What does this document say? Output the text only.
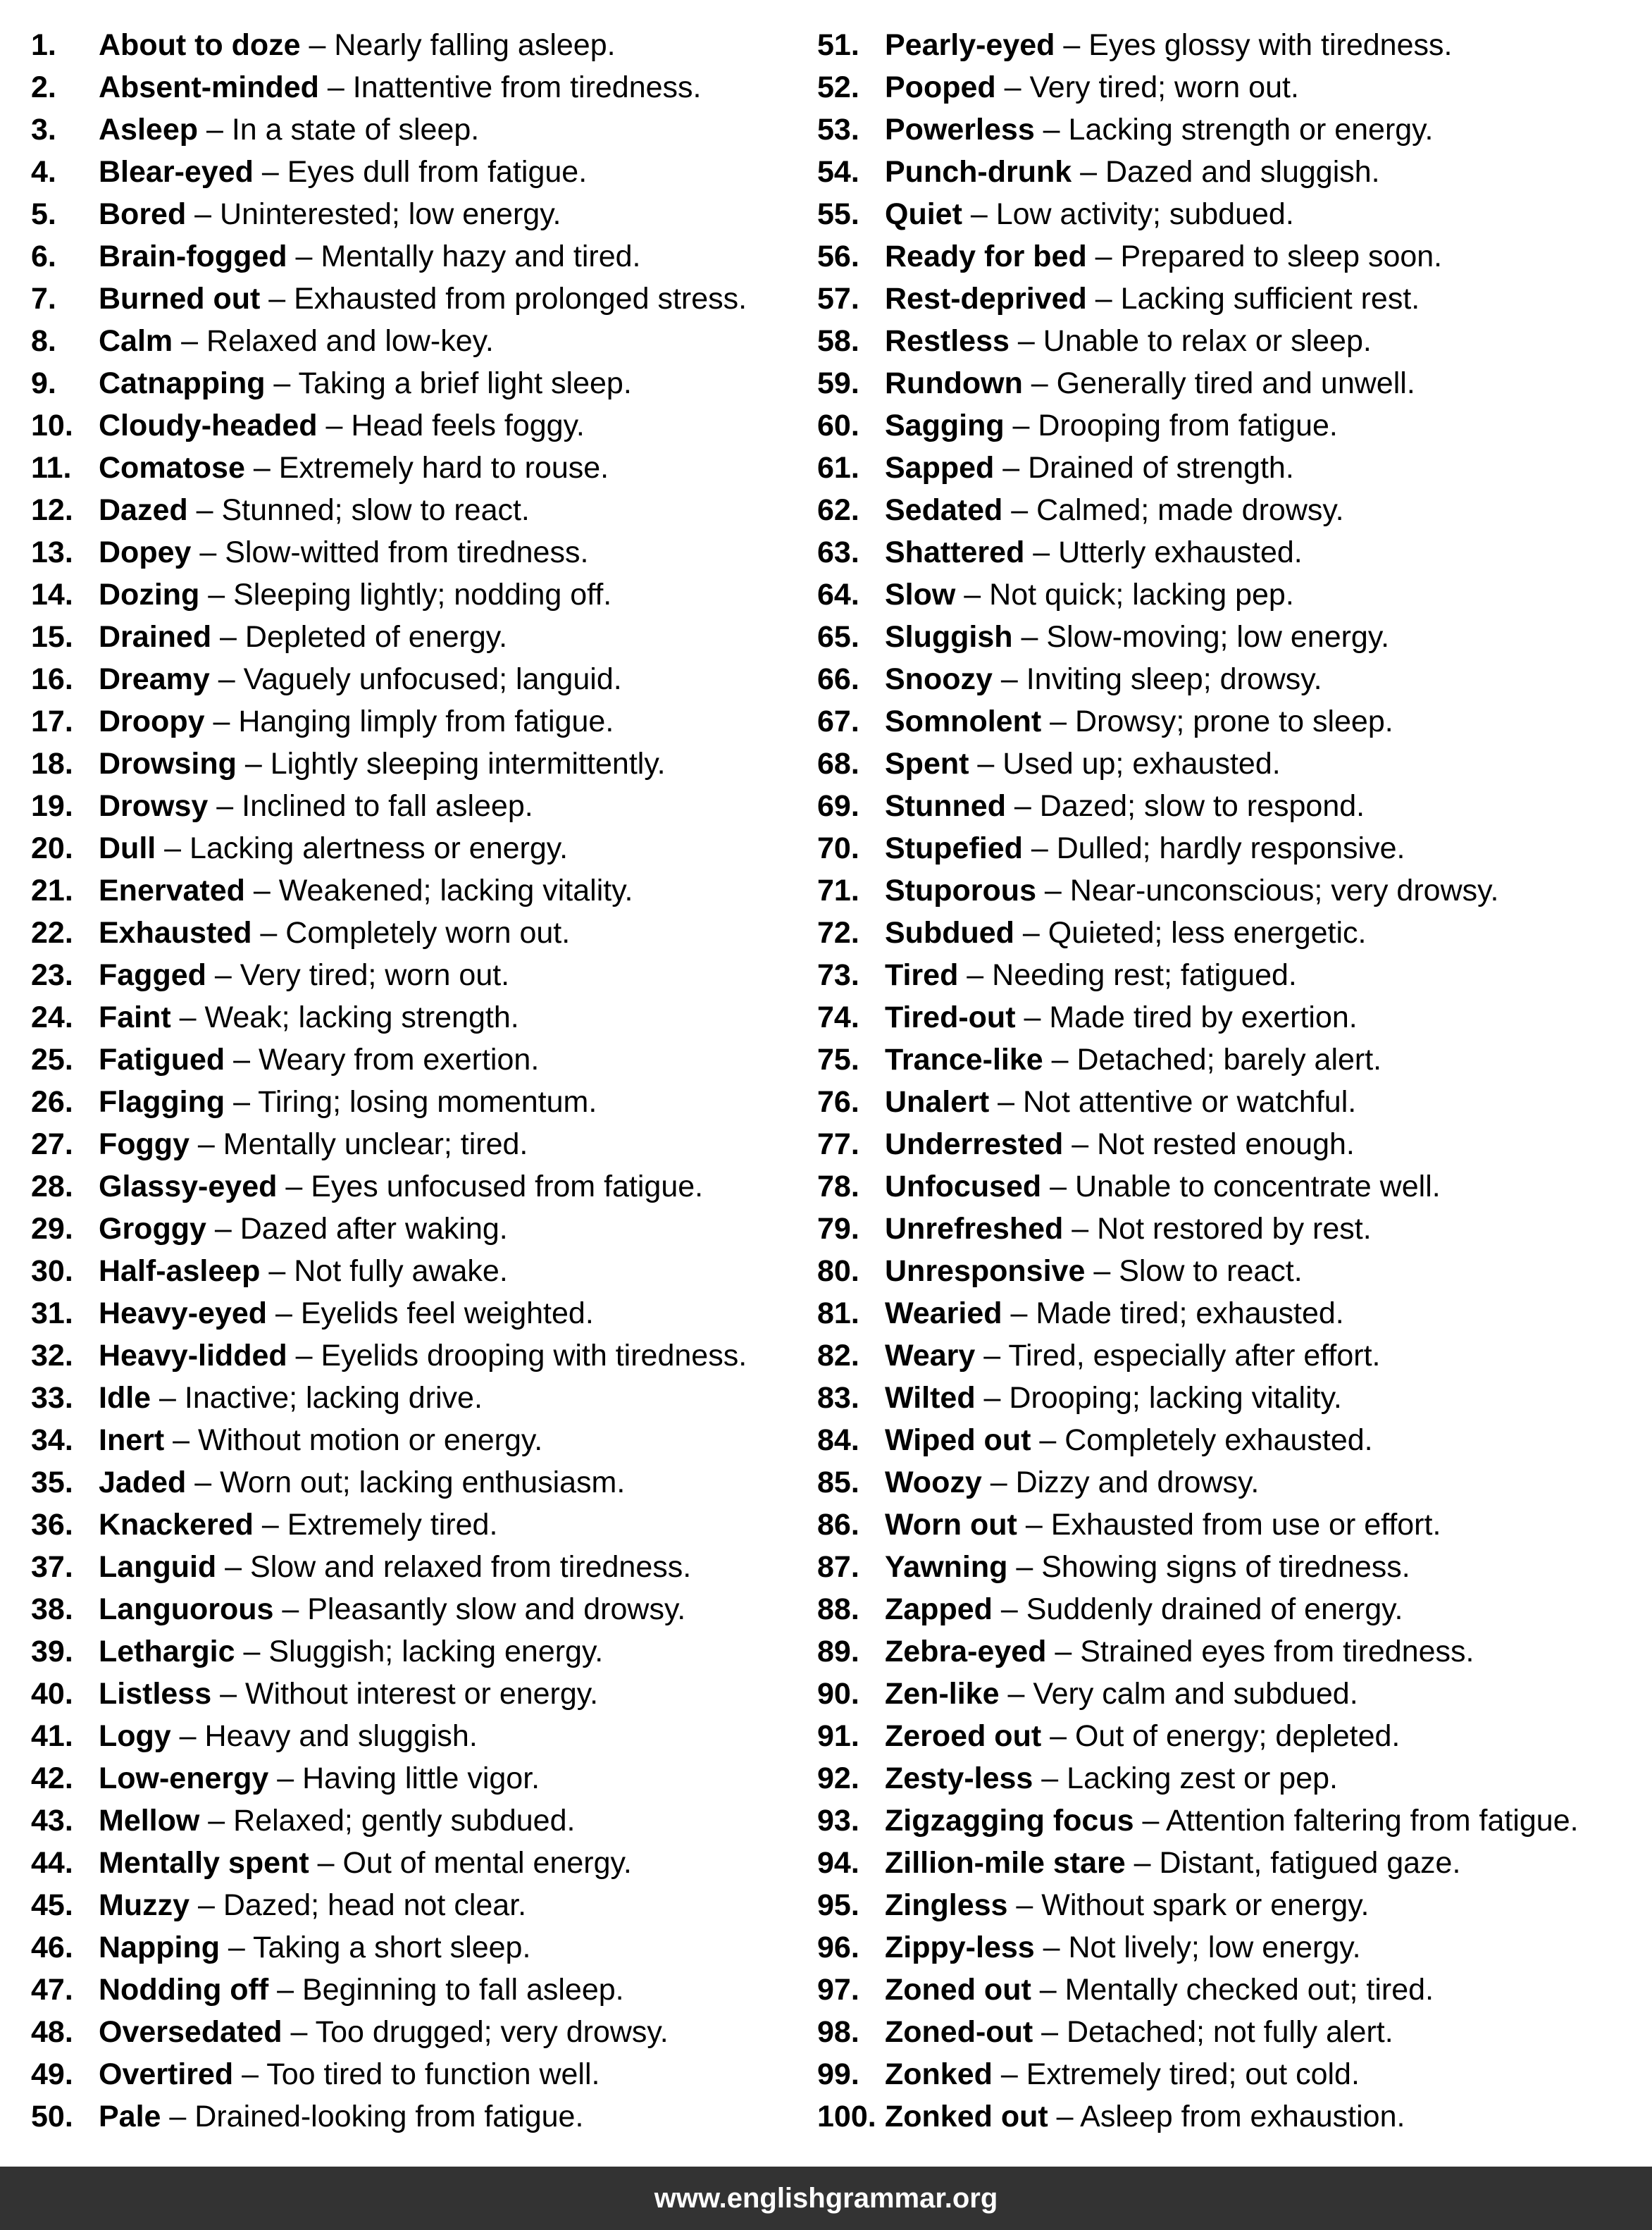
1. About to doze – Nearly falling asleep.
2. Absent-minded – Inattentive from tiredness.
3. Asleep – In a state of sleep.
4. Blear-eyed – Eyes dull from fatigue.
5. Bored – Uninterested; low energy.
6. Brain-fogged – Mentally hazy and tired.
7. Burned out – Exhausted from prolonged stress.
8. Calm – Relaxed and low-key.
9. Catnapping – Taking a brief light sleep.
10. Cloudy-headed – Head feels foggy.
11. Comatose – Extremely hard to rouse.
12. Dazed – Stunned; slow to react.
13. Dopey – Slow-witted from tiredness.
14. Dozing – Sleeping lightly; nodding off.
15. Drained – Depleted of energy.
16. Dreamy – Vaguely unfocused; languid.
17. Droopy – Hanging limply from fatigue.
18. Drowsing – Lightly sleeping intermittently.
19. Drowsy – Inclined to fall asleep.
20. Dull – Lacking alertness or energy.
21. Enervated – Weakened; lacking vitality.
22. Exhausted – Completely worn out.
23. Fagged – Very tired; worn out.
24. Faint – Weak; lacking strength.
25. Fatigued – Weary from exertion.
26. Flagging – Tiring; losing momentum.
27. Foggy – Mentally unclear; tired.
28. Glassy-eyed – Eyes unfocused from fatigue.
29. Groggy – Dazed after waking.
30. Half-asleep – Not fully awake.
31. Heavy-eyed – Eyelids feel weighted.
32. Heavy-lidded – Eyelids drooping with tiredness.
33. Idle – Inactive; lacking drive.
34. Inert – Without motion or energy.
35. Jaded – Worn out; lacking enthusiasm.
36. Knackered – Extremely tired.
37. Languid – Slow and relaxed from tiredness.
38. Languorous – Pleasantly slow and drowsy.
39. Lethargic – Sluggish; lacking energy.
40. Listless – Without interest or energy.
41. Logy – Heavy and sluggish.
42. Low-energy – Having little vigor.
43. Mellow – Relaxed; gently subdued.
44. Mentally spent – Out of mental energy.
45. Muzzy – Dazed; head not clear.
46. Napping – Taking a short sleep.
47. Nodding off – Beginning to fall asleep.
48. Oversedated – Too drugged; very drowsy.
49. Overtired – Too tired to function well.
50. Pale – Drained-looking from fatigue.
51. Pearly-eyed – Eyes glossy with tiredness.
52. Pooped – Very tired; worn out.
53. Powerless – Lacking strength or energy.
54. Punch-drunk – Dazed and sluggish.
55. Quiet – Low activity; subdued.
56. Ready for bed – Prepared to sleep soon.
57. Rest-deprived – Lacking sufficient rest.
58. Restless – Unable to relax or sleep.
59. Rundown – Generally tired and unwell.
60. Sagging – Drooping from fatigue.
61. Sapped – Drained of strength.
62. Sedated – Calmed; made drowsy.
63. Shattered – Utterly exhausted.
64. Slow – Not quick; lacking pep.
65. Sluggish – Slow-moving; low energy.
66. Snoozy – Inviting sleep; drowsy.
67. Somnolent – Drowsy; prone to sleep.
68. Spent – Used up; exhausted.
69. Stunned – Dazed; slow to respond.
70. Stupefied – Dulled; hardly responsive.
71. Stuporous – Near-unconscious; very drowsy.
72. Subdued – Quieted; less energetic.
73. Tired – Needing rest; fatigued.
74. Tired-out – Made tired by exertion.
75. Trance-like – Detached; barely alert.
76. Unalert – Not attentive or watchful.
77. Underrested – Not rested enough.
78. Unfocused – Unable to concentrate well.
79. Unrefreshed – Not restored by rest.
80. Unresponsive – Slow to react.
81. Wearied – Made tired; exhausted.
82. Weary – Tired, especially after effort.
83. Wilted – Drooping; lacking vitality.
84. Wiped out – Completely exhausted.
85. Woozy – Dizzy and drowsy.
86. Worn out – Exhausted from use or effort.
87. Yawning – Showing signs of tiredness.
88. Zapped – Suddenly drained of energy.
89. Zebra-eyed – Strained eyes from tiredness.
90. Zen-like – Very calm and subdued.
91. Zeroed out – Out of energy; depleted.
92. Zesty-less – Lacking zest or pep.
93. Zigzagging focus – Attention faltering from fatigue.
94. Zillion-mile stare – Distant, fatigued gaze.
95. Zingless – Without spark or energy.
96. Zippy-less – Not lively; low energy.
97. Zoned out – Mentally checked out; tired.
98. Zoned-out – Detached; not fully alert.
99. Zonked – Extremely tired; out cold.
100. Zonked out – Asleep from exhaustion.
www.englishgrammar.org
